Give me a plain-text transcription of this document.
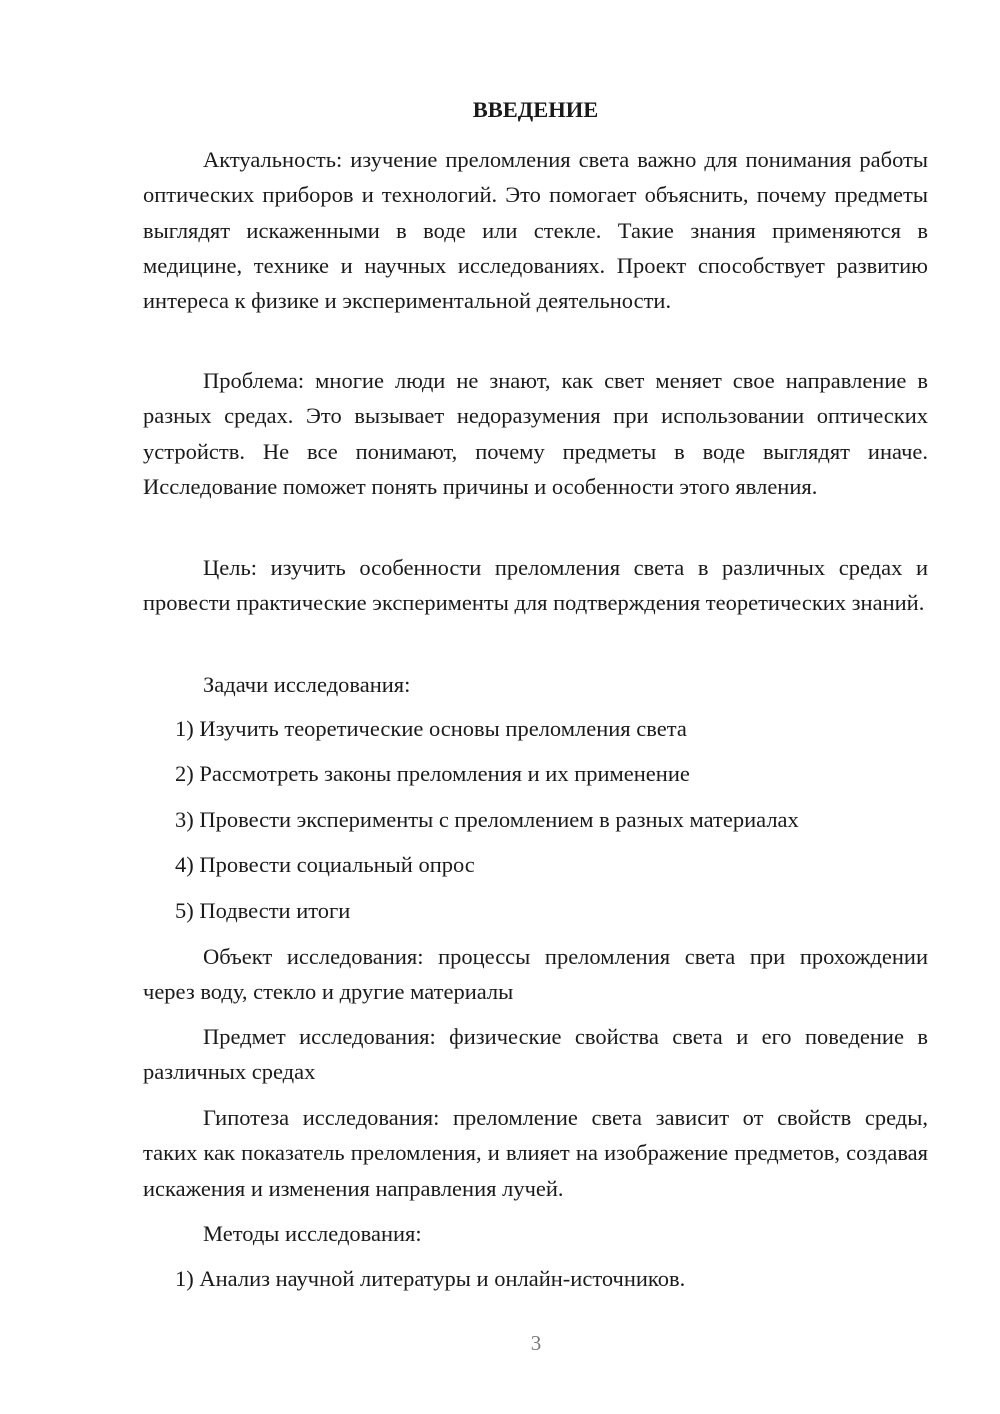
ВВЕДЕНИЕ
Актуальность: изучение преломления света важно для понимания работы оптических приборов и технологий. Это помогает объяснить, почему предметы выглядят искаженными в воде или стекле. Такие знания применяются в медицине, технике и научных исследованиях. Проект способствует развитию интереса к физике и экспериментальной деятельности.
Проблема: многие люди не знают, как свет меняет свое направление в разных средах. Это вызывает недоразумения при использовании оптических устройств. Не все понимают, почему предметы в воде выглядят иначе. Исследование поможет понять причины и особенности этого явления.
Цель: изучить особенности преломления света в различных средах и провести практические эксперименты для подтверждения теоретических знаний.
Задачи исследования:
1) Изучить теоретические основы преломления света
2) Рассмотреть законы преломления и их применение
3) Провести эксперименты с преломлением в разных материалах
4) Провести социальный опрос
5) Подвести итоги
Объект исследования: процессы преломления света при прохождении через воду, стекло и другие материалы
Предмет исследования: физические свойства света и его поведение в различных средах
Гипотеза исследования: преломление света зависит от свойств среды, таких как показатель преломления, и влияет на изображение предметов, создавая искажения и изменения направления лучей.
Методы исследования:
1) Анализ научной литературы и онлайн-источников.
3
